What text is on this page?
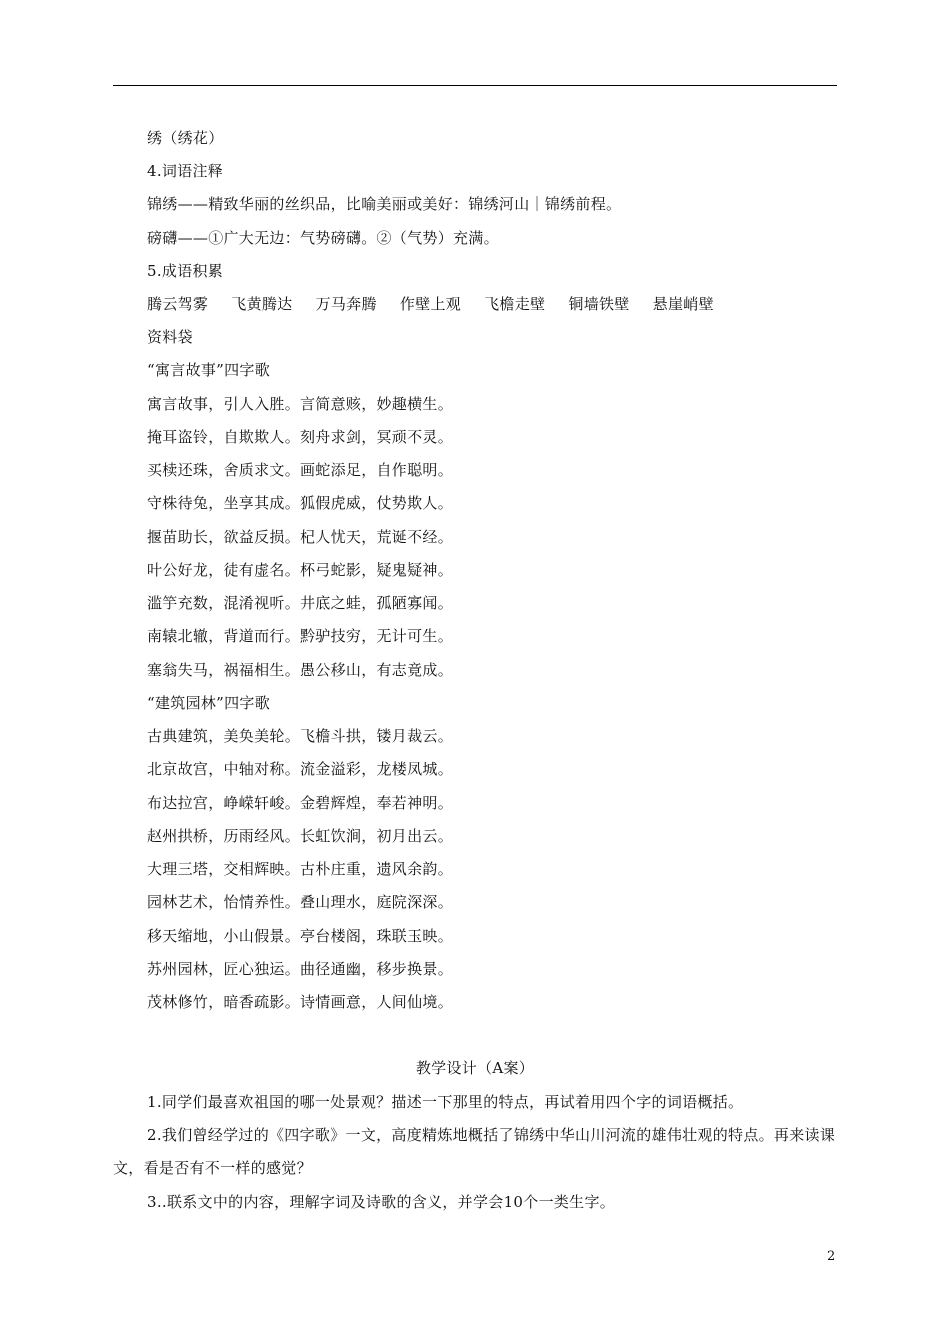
绣（绣花）
4.词语注释
锦绣——精致华丽的丝织品，比喻美丽或美好：锦绣河山｜锦绣前程。
磅礴——①广大无边：气势磅礴。②（气势）充满。
5.成语积累
腾云驾雾 飞黄腾达 万马奔腾 作壁上观 飞檐走壁 铜墙铁壁 悬崖峭壁
资料袋
“寓言故事”四字歌
寓言故事，引人入胜。言简意赅，妙趣横生。
掩耳盗铃，自欺欺人。刻舟求剑，冥顽不灵。
买椟还珠，舍质求文。画蛇添足，自作聪明。
守株待兔，坐享其成。狐假虎威，仗势欺人。
揠苗助长，欲益反损。杞人忧天，荒诞不经。
叶公好龙，徒有虚名。杯弓蛇影，疑鬼疑神。
滥竽充数，混淆视听。井底之蛙，孤陋寡闻。
南辕北辙，背道而行。黔驴技穷，无计可生。
塞翁失马，祸福相生。愚公移山，有志竟成。
“建筑园林”四字歌
古典建筑，美奂美轮。飞檐斗拱，镂月裁云。
北京故宫，中轴对称。流金溢彩，龙楼凤城。
布达拉宫，峥嵘轩峻。金碧辉煌，奉若神明。
赵州拱桥，历雨经风。长虹饮涧，初月出云。
大理三塔，交相辉映。古朴庄重，遗风余韵。
园林艺术，怡情养性。叠山理水，庭院深深。
移天缩地，小山假景。亭台楼阁，珠联玉映。
苏州园林，匠心独运。曲径通幽，移步换景。
茂林修竹，暗香疏影。诗情画意，人间仙境。
教学设计（A案）
1.同学们最喜欢祖国的哪一处景观？描述一下那里的特点，再试着用四个字的词语概括。
2.我们曾经学过的《四字歌》一文，高度精炼地概括了锦绣中华山川河流的雄伟壮观的特点。再来读课文，看是否有不一样的感觉？
3..联系文中的内容，理解字词及诗歌的含义，并学会10个一类生字。
2
